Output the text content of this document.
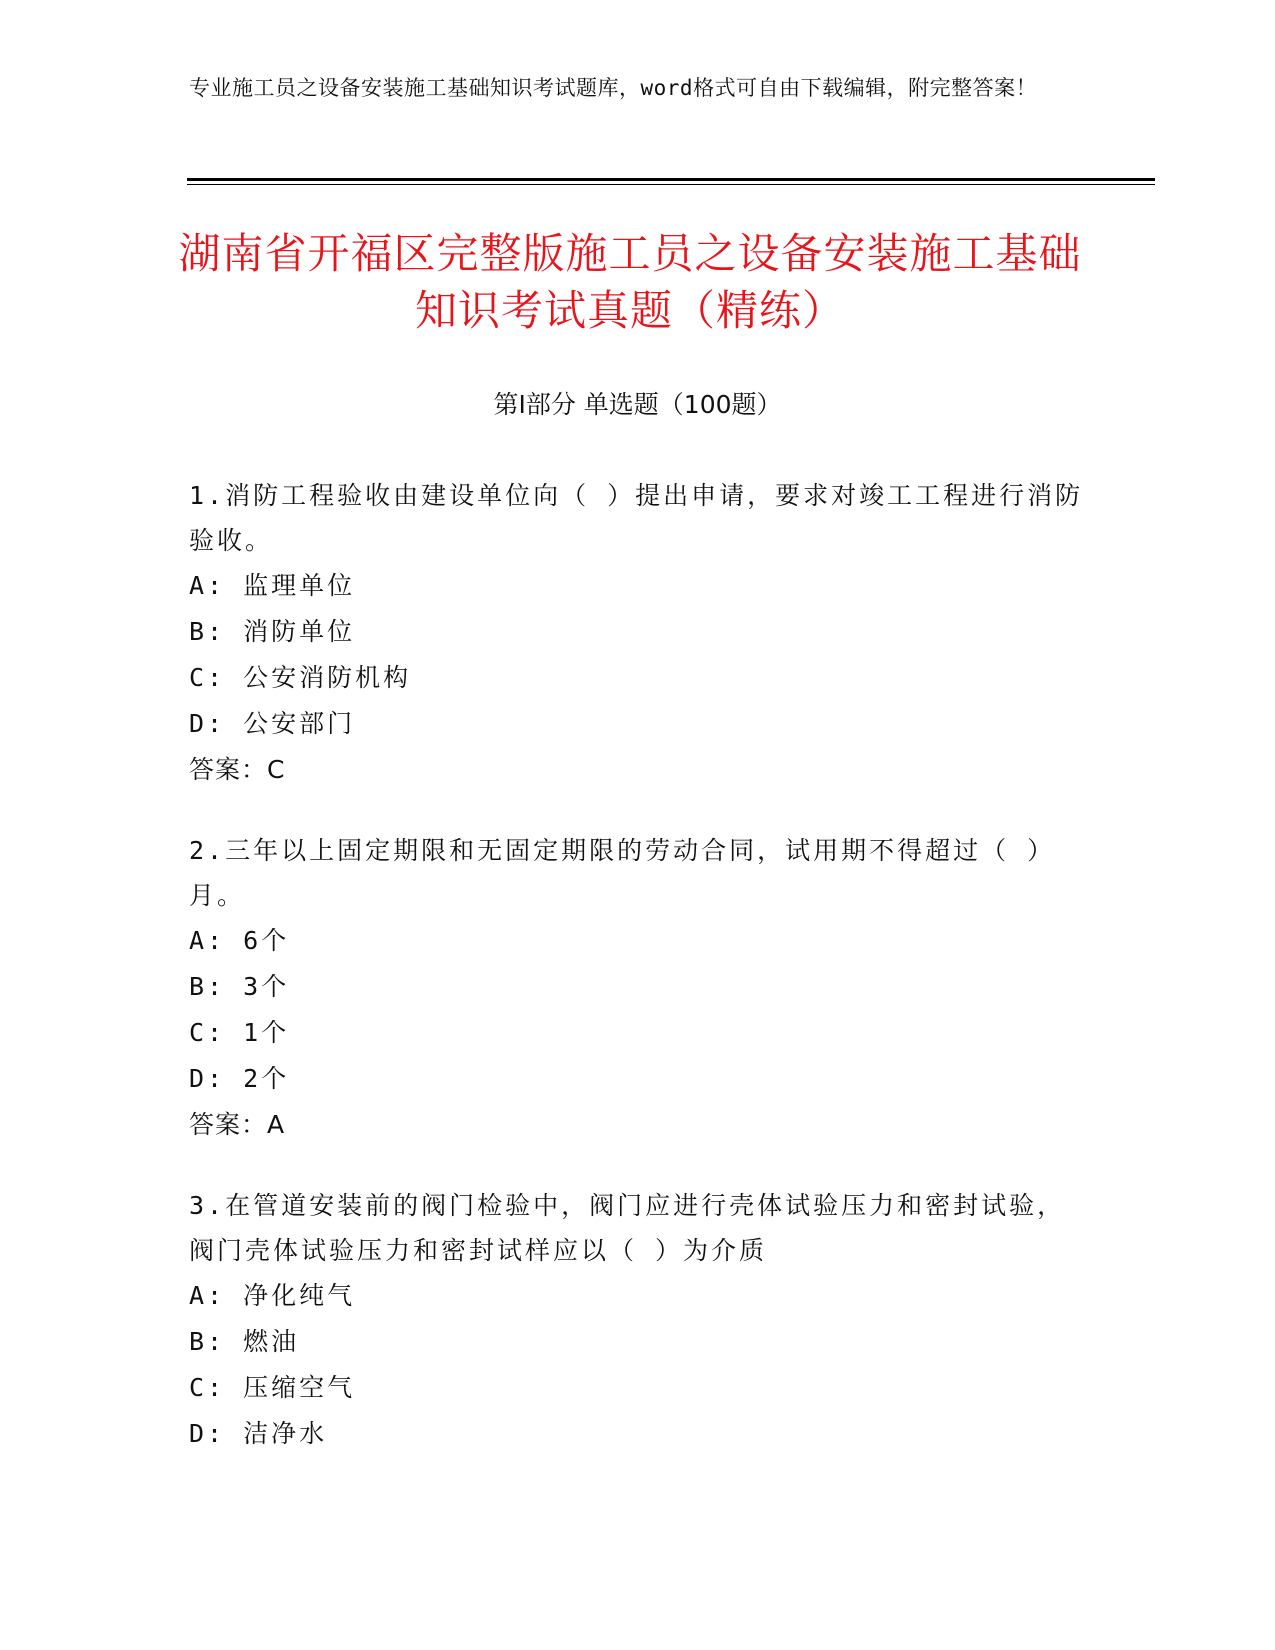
专业施工员之设备安装施工基础知识考试题库，word格式可自由下载编辑，附完整答案！
湖南省开福区完整版施工员之设备安装施工基础知识考试真题（精练）
第Ⅰ部分 单选题（100题）

1.消防工程验收由建设单位向（ ）提出申请，要求对竣工工程进行消防验收。

A: 监理单位
B: 消防单位
C: 公安消防机构
D: 公安部门
答案：C

2.三年以上固定期限和无固定期限的劳动合同，试用期不得超过（ ）月。

A: 6个
B: 3个
C: 1个
D: 2个
答案：A

3.在管道安装前的阀门检验中，阀门应进行壳体试验压力和密封试验，阀门壳体试验压力和密封试样应以（ ）为介质

A: 净化纯气
B: 燃油
C: 压缩空气
D: 洁净水
